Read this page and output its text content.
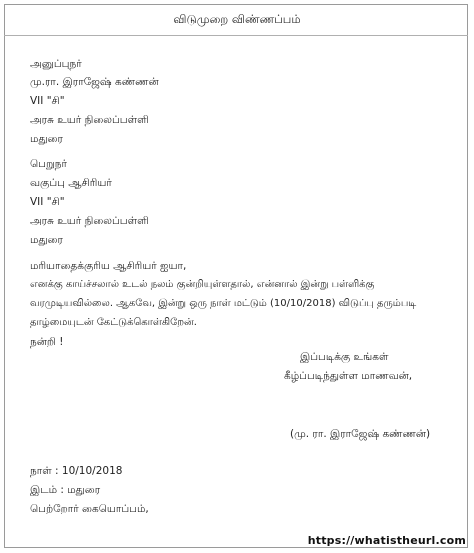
விடுமுறை விண்ணப்பம்
அனுப்புநர்
மு.ரா. இராஜேஷ் கண்ணன்
VII "சி"
அரசு உயர் நிலைப்பள்ளி
மதுரை
பெறுநர்
வகுப்பு ஆசிரியர்
VII "சி"
அரசு உயர் நிலைப்பள்ளி
மதுரை
மரியாதைக்குரிய ஆசிரியர் ஐயா,
எனக்கு காய்ச்சலால் உடல் நலம் குன்றியுள்ளதால், என்னால் இன்று பள்ளிக்கு
வரமுடியவில்லை. ஆகவே, இன்று ஒரு நாள் மட்டும் (10/10/2018) விடுப்பு தரும்படி
தாழ்மையுடன் கேட்டுக்கொள்கிறேன்.
நன்றி !
இப்படிக்கு உங்கள்
கீழ்ப்படிந்துள்ள மாணவன்,
(மு. ரா. இராஜேஷ் கண்ணன்)
நாள் : 10/10/2018
இடம் : மதுரை
பெற்றோர் கையொப்பம்,
https://whatistheurl.com
